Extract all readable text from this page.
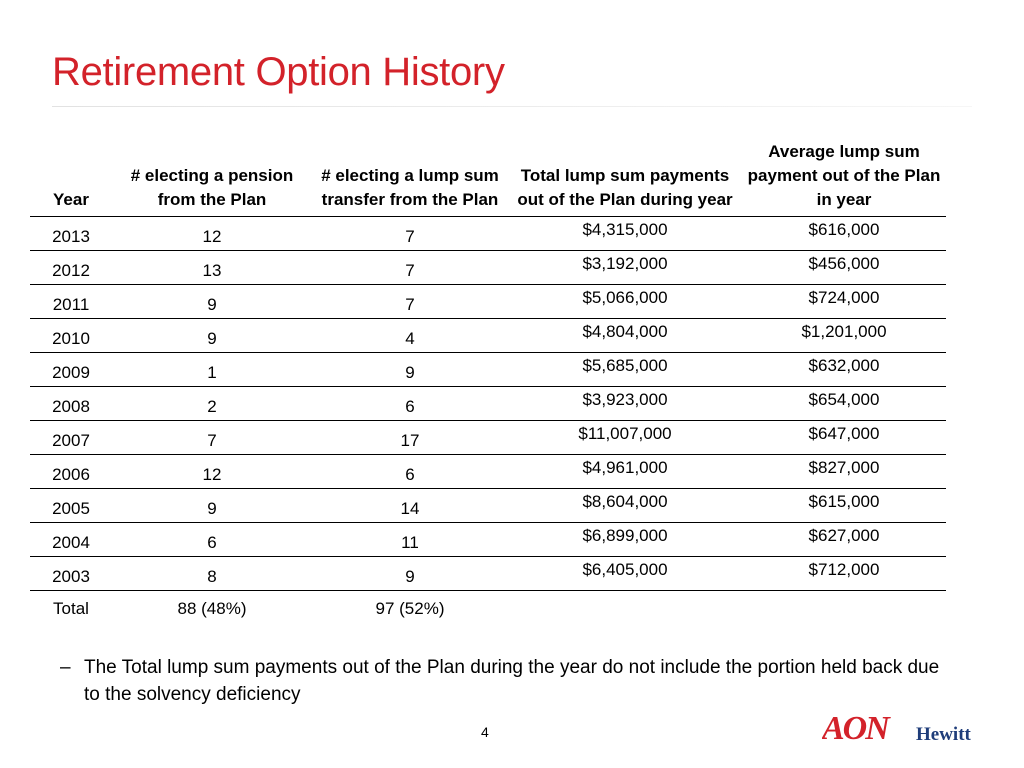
Retirement Option History
Year	# electing a pension from the Plan	# electing a lump sum transfer from the Plan	Total lump sum payments out of the Plan during year	Average lump sum payment out of the Plan in year
2013	12	7	$4,315,000	$616,000
2012	13	7	$3,192,000	$456,000
2011	9	7	$5,066,000	$724,000
2010	9	4	$4,804,000	$1,201,000
2009	1	9	$5,685,000	$632,000
2008	2	6	$3,923,000	$654,000
2007	7	17	$11,007,000	$647,000
2006	12	6	$4,961,000	$827,000
2005	9	14	$8,604,000	$615,000
2004	6	11	$6,899,000	$627,000
2003	8	9	$6,405,000	$712,000
Total	88 (48%)	97 (52%)		

– The Total lump sum payments out of the Plan during the year do not include the portion held back due to the solvency deficiency

4	AON Hewitt
